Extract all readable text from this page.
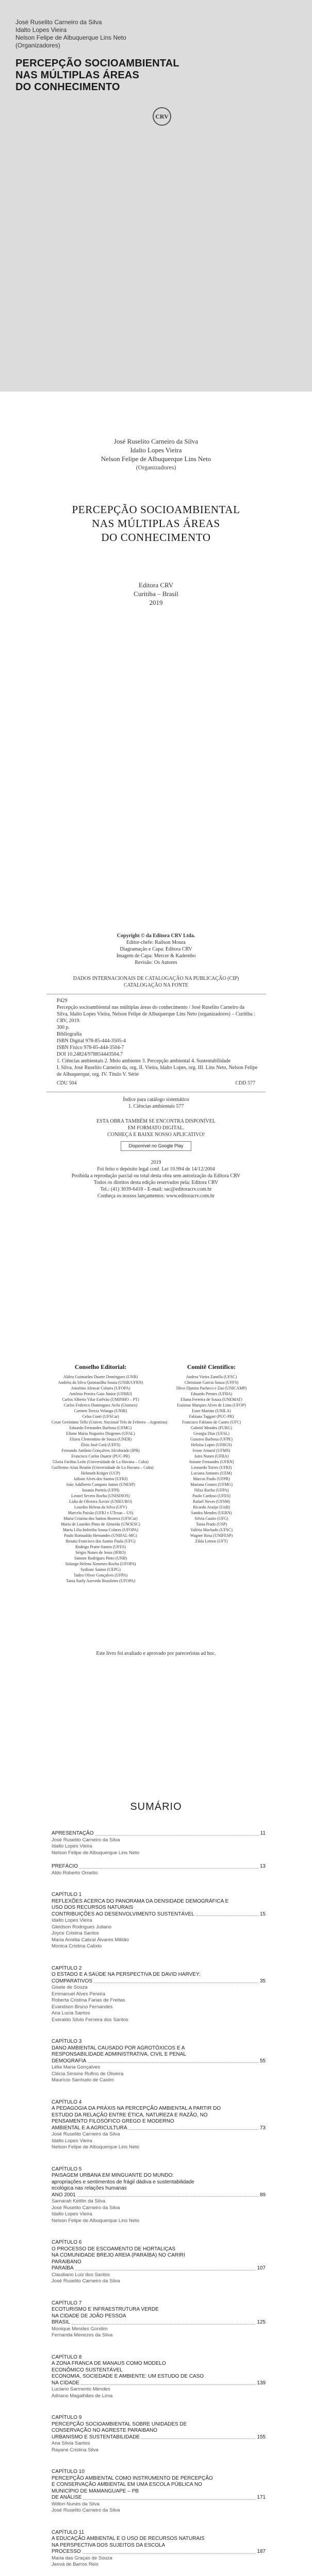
José Ruselito Carneiro da Silva
Idalto Lopes Vieira
Nelson Felipe de Albuquerque Lins Neto
(Organizadores)
PERCEPÇÃO SOCIOAMBIENTAL
NAS MÚLTIPLAS ÁREAS
DO CONHECIMENTO
CRV
José Ruselito Carneiro da Silva
Idalto Lopes Vieira
Nelson Felipe de Albuquerque Lins Neto
(Organizadores)
PERCEPÇÃO SOCIOAMBIENTAL
NAS MÚLTIPLAS ÁREAS
DO CONHECIMENTO
Editora CRV
Curitiba – Brasil
2019
Copyright © da Editora CRV Ltda.
Editor-chefe: Railson Moura
Diagramação e Capa: Editora CRV
Imagem de Capa: Mercer & Kadembo
Revisão: Os Autores
DADOS INTERNACIONAIS DE CATALOGAÇÃO NA PUBLICAÇÃO (CIP)
CATALOGAÇÃO NA FONTE
P429
Percepção socioambiental nas múltiplas áreas do conhecimento / José Ruselito Carneiro da
Silva, Idalto Lopes Vieira, Nelson Felipe de Albuquerque Lins Neto (organizadores) – Curitiba :
CRV, 2019.
300 p.
Bibliografia
ISBN Digital 978-85-444-3505-4
ISBN Físico 978-85-444-3504-7
DOI 10.24824/978854443504.7
1. Ciências ambientais 2. Meio ambiente 3. Percepção ambiental 4. Sustentabilidade
I. Silva, José Ruselito Carneiro da, org. II. Vieira, Idalto Lopes, org. III. Lins Neto, Nelson Felipe
de Albuquerque, org. IV. Título V. Série
CDU 504	CDD 577
Índice para catálogo sistemático
1. Ciências ambientais 577
ESTA OBRA TAMBÉM SE ENCONTRA DISPONÍVEL
EM FORMATO DIGITAL.
CONHEÇA E BAIXE NOSSO APLICATIVO!
Disponível no Google Play
2019
Foi feito o depósito legal conf. Lei 10.994 de 14/12/2004
Proibida a reprodução parcial ou total desta obra sem autorização da Editora CRV
Todos os direitos desta edição reservados pela: Editora CRV
Tel.: (41) 3039-6418 - E-mail: sac@editoracrv.com.br
Conheça os nossos lançamentos: www.editoracrv.com.br
Conselho Editorial:
Aldira Guimarães Duarte Domínguez (UNB)
Andréia da Silva Quintanilha Sousa (UNIR/UFRN)
Anselmo Alencar Colares (UFOPA)
Antônio Pereira Gaio Júnior (UFRRJ)
Carlos Alberto Vilar Estêvão (UMINHO – PT)
Carlos Federico Dominguez Avila (Unieuro)
Carmen Tereza Velanga (UNIR)
Celso Conti (UFSCar)
Cesar Gerónimo Tello (Univer. Nacional Três de Febrero – Argentina)
Eduardo Fernandes Barbosa (UFMG)
Elione Maria Nogueira Diogenes (UFAL)
Elizeu Clementino de Souza (UNEB)
Élsio José Corá (UFFS)
Fernando Antônio Gonçalves Alcoforado (IPB)
Francisco Carlos Duarte (PUC-PR)
Gloria Fariñas León (Universidade de La Havana – Cuba)
Guillermo Arias Beatón (Universidade de La Havana – Cuba)
Helmuth Krüger (UCP)
Jailson Alves dos Santos (UFRJ)
João Adalberto Campato Junior (UNESP)
Josania Portela (UFPI)
Leonel Severo Rocha (UNISINOS)
Lídia de Oliveira Xavier (UNIEURO)
Lourdes Helena da Silva (UFV)
Marcelo Paixão (UFRJ e UTexas – US)
Maria Cristina dos Santos Bezerra (UFSCar)
Maria de Lourdes Pinto de Almeida (UNOESC)
Maria Lília Imbiriba Sousa Colares (UFOPA)
Paulo Romualdo Hernandes (UNIFAL-MG)
Renato Francisco dos Santos Paula (UFG)
Rodrigo Pratte-Santos (UFES)
Sérgio Nunes de Jesus (IFRO)
Simone Rodrigues Pinto (UNB)
Solange Helena Ximenes-Rocha (UFOPA)
Sydione Santos (UEPG)
Tadeu Oliver Gonçalves (UFPA)
Tania Suely Azevedo Brasileiro (UFOPA)
Comitê Científico:
Andrea Vieira Zanella (UFSC)
Christiane Garcia Souza (UFFS)
Dirce Djanira Pacheco e Zan (UNICAMP)
Eduardo Prestes (UFBA)
Eliana Ferreira de Souza (UNEMAT)
Euzimar Marques Alves de Lima (UFOP)
Ester Martins (UNILA)
Fabiana Taggart (PUC-PR)
Francisco Fabiano de Castro (UFC)
Gabriel Mendes (FURG)
Georgia Dias (UFAL)
Gustavo Barbosa (UFPE)
Heloísa Lopes (UFRGS)
Ivone Amaral (UFMS)
Jairo Nunes (UFBA)
Josiane Fernandes (UFRN)
Leonardo Torres (UFRJ)
Luciana Antunes (UEM)
Marcos Paulo (UFPR)
Mariana Gomes (UFMG)
Nilza Rocha (UFPA)
Paulo Cardoso (UFES)
Rafael Neves (UFSM)
Ricardo Araújo (UnB)
Sandra Mendes (UERN)
Silvia Castro (UFG)
Tania Prado (USP)
Valéria Machado (UFSC)
Wagner Rosa (UNIFESP)
Zilda Lemos (UFT)
Este livro foi avaliado e aprovado por pareceristas ad hoc.
SUMÁRIO
APRESENTAÇÃO	11
José Ruselito Carneiro da Silva
Idalto Lopes Vieira
Nelson Felipe de Albuquerque Lins Neto
PREFÁCIO	13
Aldo Roberto Ometto
CAPÍTULO 1
REFLEXÕES ACERCA DO PANORAMA DA DENSIDADE DEMOGRÁFICA E
USO DOS RECURSOS NATURAIS
CONTRIBUIÇÕES AO DESENVOLVIMENTO SUSTENTÁVEL	15
Idalto Lopes Vieira
Gleidson Rodrigues Juliano
Joyce Cristina Santos
Maria Amélia Cabral Álvares Militão
Monica Cristina Calixto
CAPÍTULO 2
O ESTADO E A SAÚDE NA PERSPECTIVA DE DAVID HARVEY:
COMPARATIVOS	35
Gisele de Souza
Emmanuel Alves Pereira
Roberta Cristina Farias de Freitas
Evandson Bruno Fernandes
Ana Lucia Santos
Everaldo Silvio Ferreira dos Santos
CAPÍTULO 3
DANO AMBIENTAL CAUSADO POR AGROTÓXICOS E A
RESPONSABILIDADE ADMINISTRATIVA, CIVIL E PENAL
DEMOGRAFIA	55
Lélia Maria Gonçalves
Clécia Simone Rufino de Oliveira
Maurício Sanhudo de Castro
CAPÍTULO 4
A PEDAGOGIA DA PRÁXIS NA PERCEPÇÃO AMBIENTAL A PARTIR DO
ESTUDO DA RELAÇÃO ENTRE ÉTICA, NATUREZA E RAZÃO, NO
PENSAMENTO FILOSÓFICO GREGO E MODERNO
AMBIENTAL E A AGRICULTURA	73
José Ruselito Carneiro da Silva
Idalto Lopes Vieira
Nelson Felipe de Albuquerque Lins Neto
CAPÍTULO 5
PAISAGEM URBANA EM MINGUANTE DO MUNDO:
apropriações e sentimentos de frágil dádiva e sustentabilidade
ecológica nas relações humanas
ANO 2001	89
Samarah Kettlin da Silva
José Ruselito Carneiro da Silva
Idalto Lopes Vieira
Nelson Felipe de Albuquerque Lins Neto
CAPÍTULO 6
O PROCESSO DE ESCOAMENTO DE HORTALIÇAS
NA COMUNIDADE BREJO AREIA (PARAÍBA) NO CARIRI
PARAIBANO
PARAÍBA	107
Claudiano Luiz dos Santos
José Ruselito Carneiro da Silva
CAPÍTULO 7
ECOTURISMO E INFRAESTRUTURA VERDE
NA CIDADE DE JOÃO PESSOA
BRASIL	125
Monique Mendes Gondim
Fernanda Menezes da Silva
CAPÍTULO 8
A ZONA FRANCA DE MANAUS COMO MODELO
ECONÔMICO SUSTENTÁVEL
ECONOMIA, SOCIEDADE E AMBIENTE: UM ESTUDO DE CASO
NA CIDADE	139
Luciano Sarmento Mendes
Adriano Magalhães de Lima
CAPÍTULO 9
PERCEPÇÃO SOCIOAMBIENTAL SOBRE UNIDADES DE
CONSERVAÇÃO NO AGRESTE PARAIBANO
URBANISMO E SUSTENTABILIDADE	155
Ana Silvia Santos
Rayane Cristina Silva
CAPÍTULO 10
PERCEPÇÃO AMBIENTAL COMO INSTRUMENTO DE PERCEPÇÃO
E CONSERVAÇÃO AMBIENTAL EM UMA ESCOLA PÚBLICA NO
MUNICÍPIO DE MAMANGUAPE – PB
DE ANÁLISE	171
Wilton Nunes da Silva
José Ruselito Carneiro da Silva
CAPÍTULO 11
A EDUCAÇÃO AMBIENTAL E O USO DE RECURSOS NATURAIS
NA PERSPECTIVA DOS SUJEITOS DA ESCOLA
PROCESSO	187
Maria das Graças de Souza
Jeová de Barros Reis
